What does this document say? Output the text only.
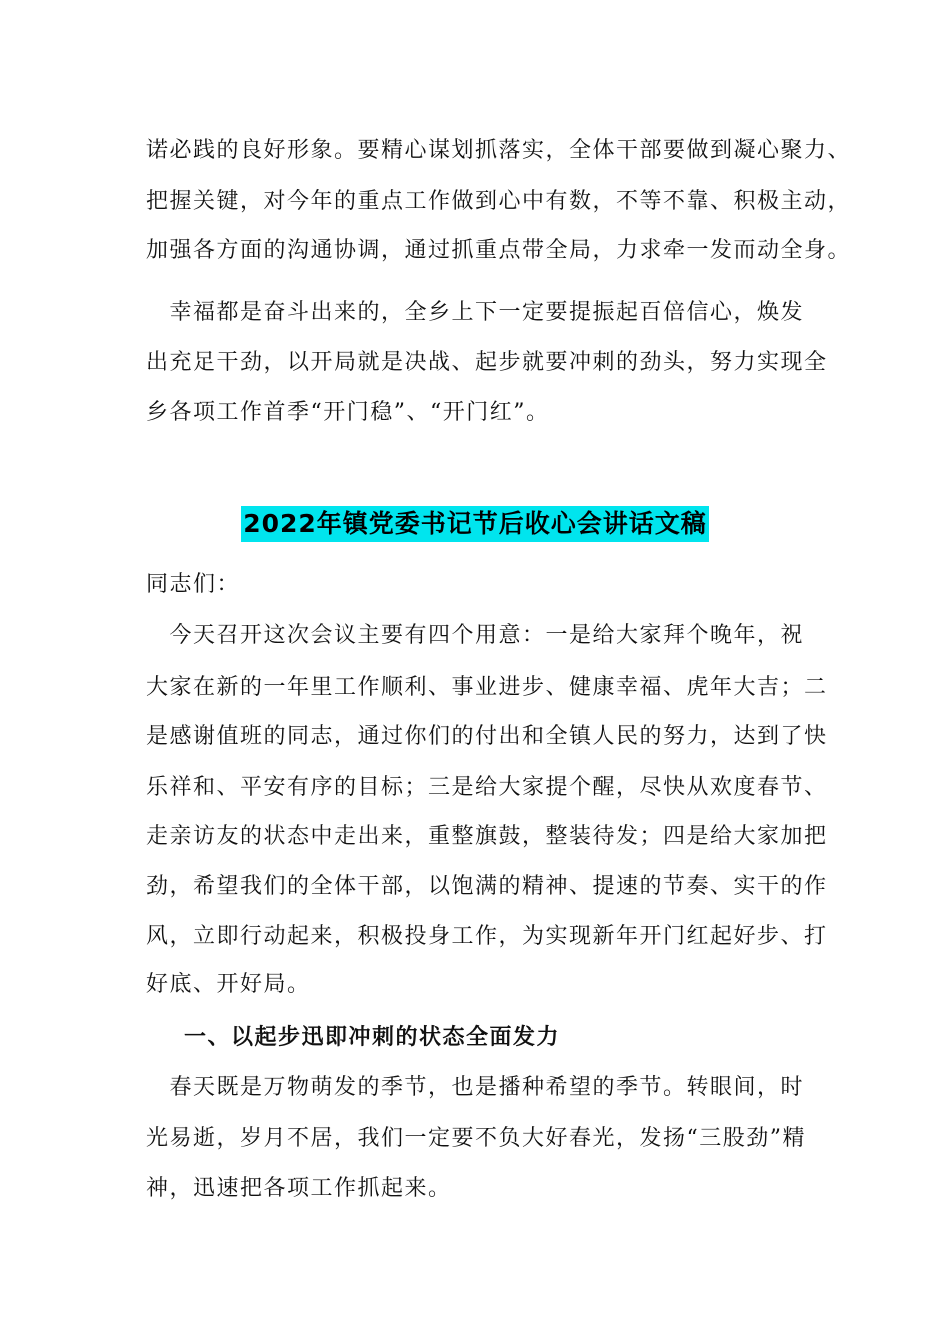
诺必践的良好形象。要精心谋划抓落实，全体干部要做到凝心聚力、
把握关键，对今年的重点工作做到心中有数，不等不靠、积极主动，
加强各方面的沟通协调，通过抓重点带全局，力求牵一发而动全身。
　幸福都是奋斗出来的，全乡上下一定要提振起百倍信心，焕发
出充足干劲，以开局就是决战、起步就要冲刺的劲头，努力实现全
乡各项工作首季“开门稳”、“开门红”。
2022年镇党委书记节后收心会讲话文稿
同志们：
　今天召开这次会议主要有四个用意：一是给大家拜个晚年，祝
大家在新的一年里工作顺利、事业进步、健康幸福、虎年大吉；二
是感谢值班的同志，通过你们的付出和全镇人民的努力，达到了快
乐祥和、平安有序的目标；三是给大家提个醒，尽快从欢度春节、
走亲访友的状态中走出来，重整旗鼓，整装待发；四是给大家加把
劲，希望我们的全体干部，以饱满的精神、提速的节奏、实干的作
风，立即行动起来，积极投身工作，为实现新年开门红起好步、打
好底、开好局。
一、以起步迅即冲刺的状态全面发力
　春天既是万物萌发的季节，也是播种希望的季节。转眼间，时
光易逝，岁月不居，我们一定要不负大好春光，发扬“三股劲”精
神，迅速把各项工作抓起来。
